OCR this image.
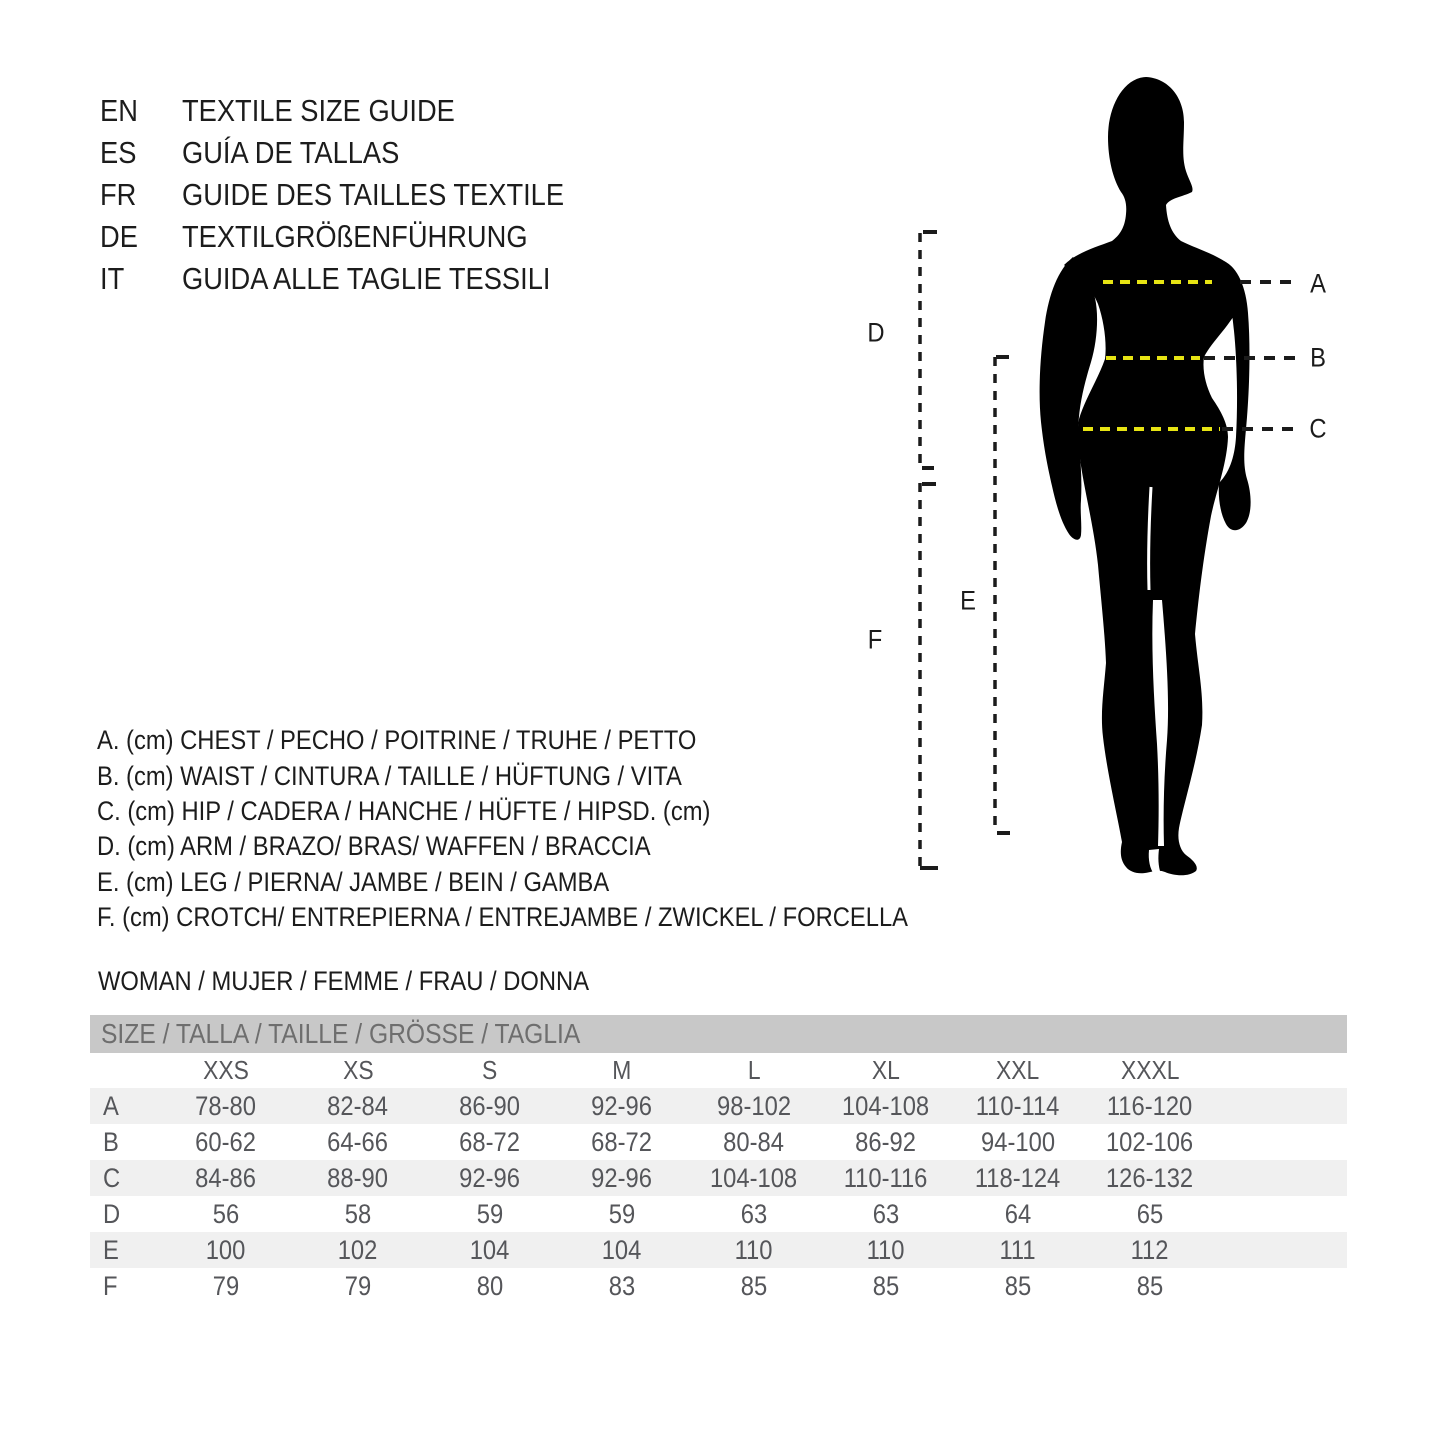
A
B
C
D
E
F
EN	TEXTILE SIZE GUIDE
ES	GUÍA DE TALLAS
FR	GUIDE DES TAILLES TEXTILE
DE	TEXTILGRÖßENFÜHRUNG
IT	GUIDA ALLE TAGLIE TESSILI
A. (cm) CHEST / PECHO / POITRINE / TRUHE / PETTO
B. (cm) WAIST / CINTURA / TAILLE / HÜFTUNG / VITA
C. (cm) HIP / CADERA / HANCHE / HÜFTE / HIPSD. (cm)
D. (cm) ARM / BRAZO/ BRAS/ WAFFEN / BRACCIA
E. (cm) LEG / PIERNA/ JAMBE / BEIN / GAMBA
F. (cm) CROTCH/ ENTREPIERNA / ENTREJAMBE / ZWICKEL / FORCELLA
WOMAN / MUJER / FEMME / FRAU / DONNA
SIZE / TALLA / TAILLE / GRÖSSE / TAGLIA
XXS	XS	S	M	L	XL	XXL	XXXL
A	78-80	82-84	86-90	92-96 98-102 104-108 110-114 116-120
B	60-62	64-66	68-72	68-72	80-84	86-92 94-100 102-106
C	84-86	88-90	92-96	92-96 104-108 110-116 118-124 126-132
D	56	58	59	59	63	63	64	65
E	100	102	104	104	110	110	111	112
F	79	79	80	83	85	85	85	85
